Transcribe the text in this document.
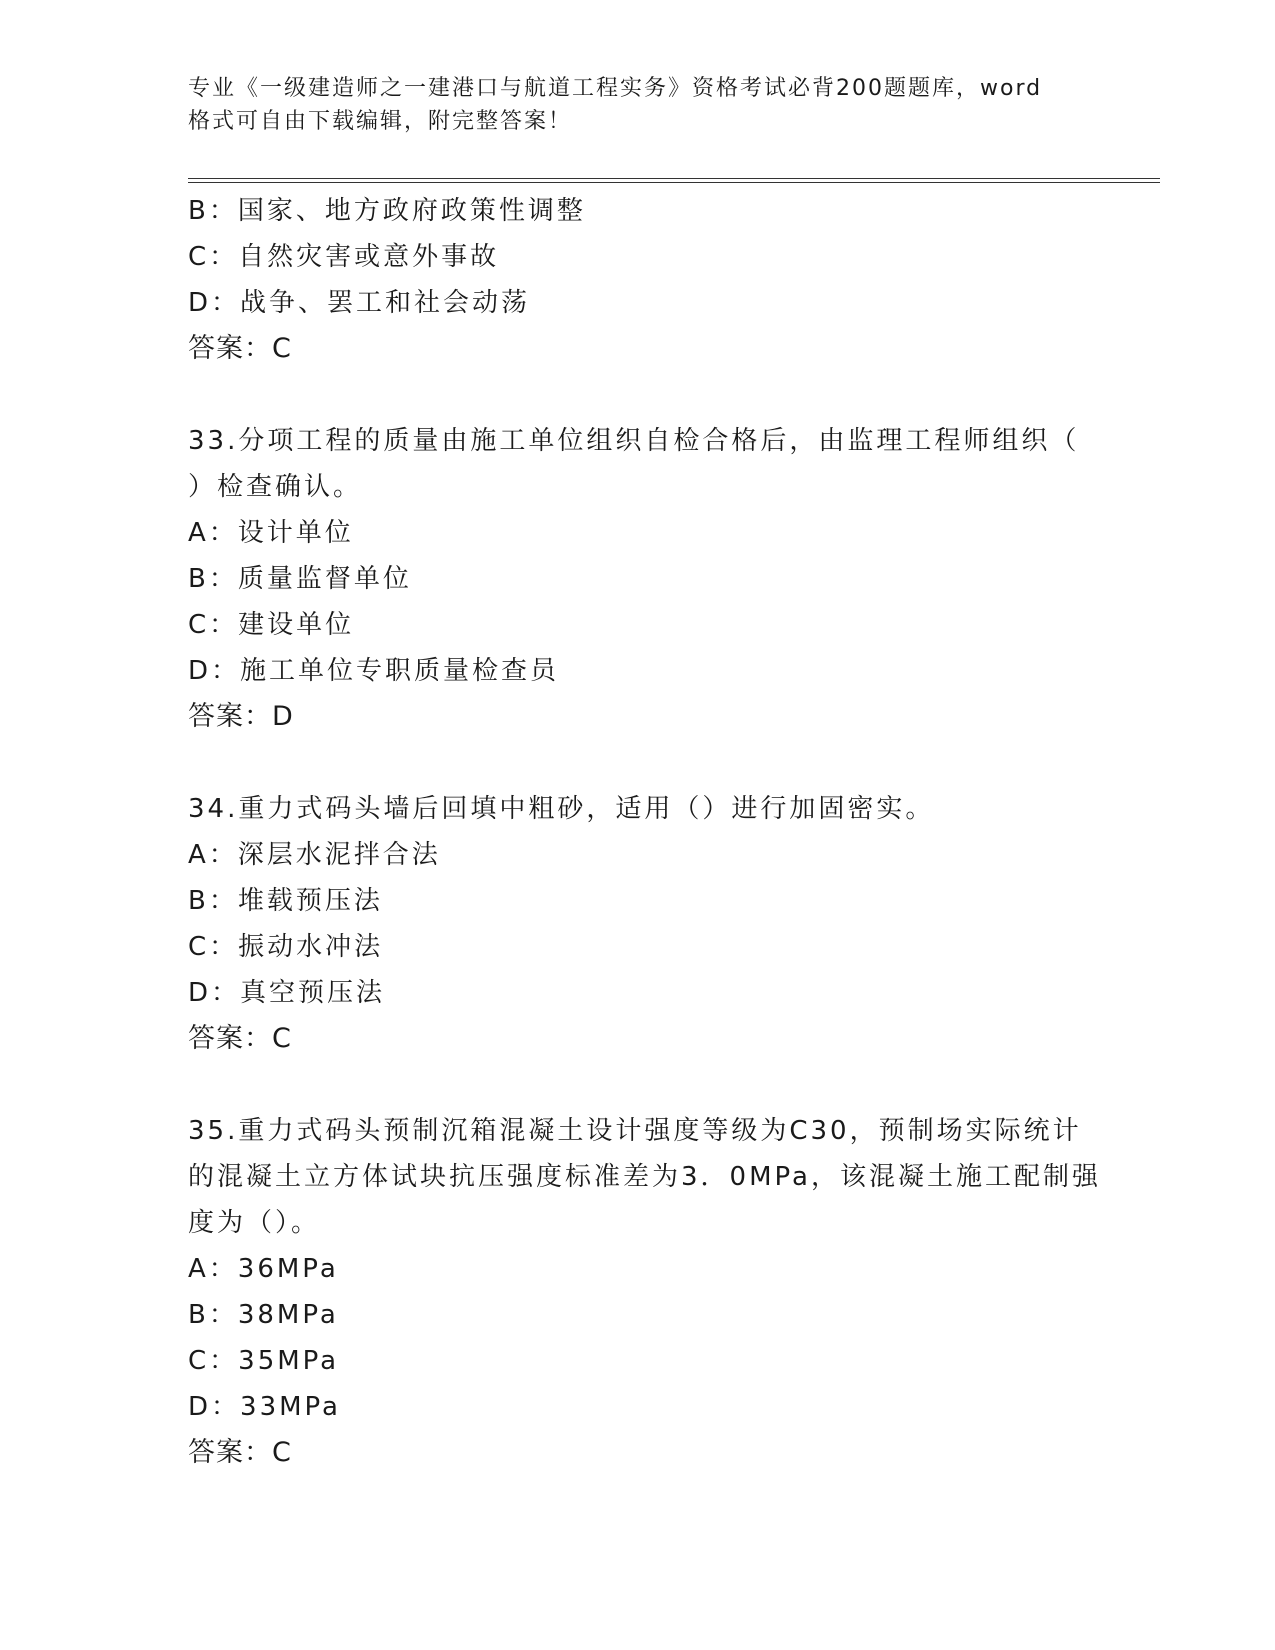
专业《一级建造师之一建港口与航道工程实务》资格考试必背200题题库，word
格式可自由下载编辑，附完整答案！
B：国家、地方政府政策性调整
C：自然灾害或意外事故
D：战争、罢工和社会动荡
答案：C
33.分项工程的质量由施工单位组织自检合格后，由监理工程师组织（
）检查确认。
A：设计单位
B：质量监督单位
C：建设单位
D：施工单位专职质量检查员
答案：D
34.重力式码头墙后回填中粗砂，适用（）进行加固密实。
A：深层水泥拌合法
B：堆载预压法
C：振动水冲法
D：真空预压法
答案：C
35.重力式码头预制沉箱混凝土设计强度等级为C30，预制场实际统计
的混凝土立方体试块抗压强度标准差为3．0MPa，该混凝土施工配制强
度为（）。
A：36MPa
B：38MPa
C：35MPa
D：33MPa
答案：C
